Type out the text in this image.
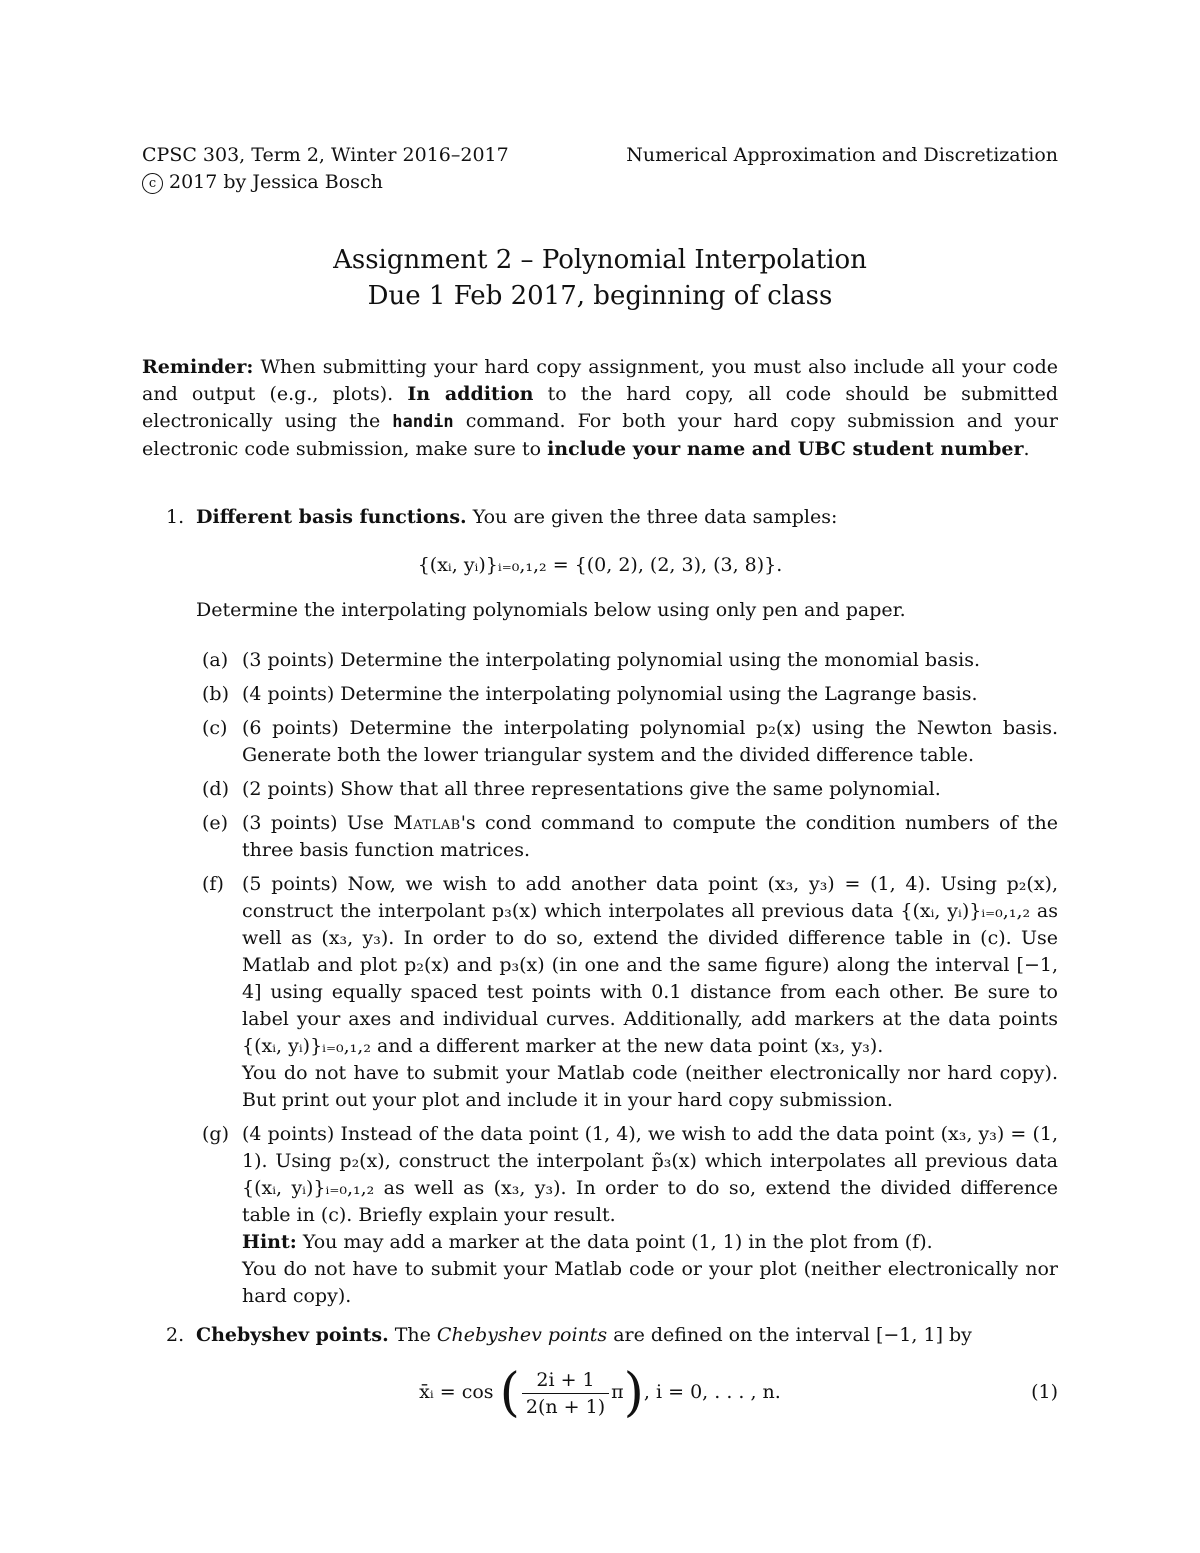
CPSC 303, Term 2, Winter 2016–2017	Numerical Approximation and Discretization
c 2017 by Jessica Bosch
Assignment 2 – Polynomial Interpolation
Due 1 Feb 2017, beginning of class
Reminder: When submitting your hard copy assignment, you must also include all your code and output (e.g., plots). In addition to the hard copy, all code should be submitted electronically using the handin command. For both your hard copy submission and your electronic code submission, make sure to include your name and UBC student number.
1. Different basis functions. You are given the three data samples:
{(xᵢ, yᵢ)}ᵢ₌₀,₁,₂ = {(0, 2), (2, 3), (3, 8)}.
Determine the interpolating polynomials below using only pen and paper.
(a) (3 points) Determine the interpolating polynomial using the monomial basis.
(b) (4 points) Determine the interpolating polynomial using the Lagrange basis.
(c) (6 points) Determine the interpolating polynomial p₂(x) using the Newton basis. Generate both the lower triangular system and the divided difference table.
(d) (2 points) Show that all three representations give the same polynomial.
(e) (3 points) Use Matlab's cond command to compute the condition numbers of the three basis function matrices.
(f) (5 points) Now, we wish to add another data point (x₃, y₃) = (1, 4). Using p₂(x), construct the interpolant p₃(x) which interpolates all previous data {(xᵢ, yᵢ)}ᵢ₌₀,₁,₂ as well as (x₃, y₃). In order to do so, extend the divided difference table in (c). Use Matlab and plot p₂(x) and p₃(x) (in one and the same figure) along the interval [−1, 4] using equally spaced test points with 0.1 distance from each other. Be sure to label your axes and individual curves. Additionally, add markers at the data points {(xᵢ, yᵢ)}ᵢ₌₀,₁,₂ and a different marker at the new data point (x₃, y₃).
You do not have to submit your Matlab code (neither electronically nor hard copy). But print out your plot and include it in your hard copy submission.
(g) (4 points) Instead of the data point (1, 4), we wish to add the data point (x₃, y₃) = (1, 1). Using p₂(x), construct the interpolant p̃₃(x) which interpolates all previous data {(xᵢ, yᵢ)}ᵢ₌₀,₁,₂ as well as (x₃, y₃). In order to do so, extend the divided difference table in (c). Briefly explain your result.
Hint: You may add a marker at the data point (1, 1) in the plot from (f).
You do not have to submit your Matlab code or your plot (neither electronically nor hard copy).
2. Chebyshev points. The Chebyshev points are defined on the interval [−1, 1] by
x̄ᵢ = cos ( $\frac{2i + 1}{2(n + 1)} \pi$), i = 0, . . . , n.	(1)
